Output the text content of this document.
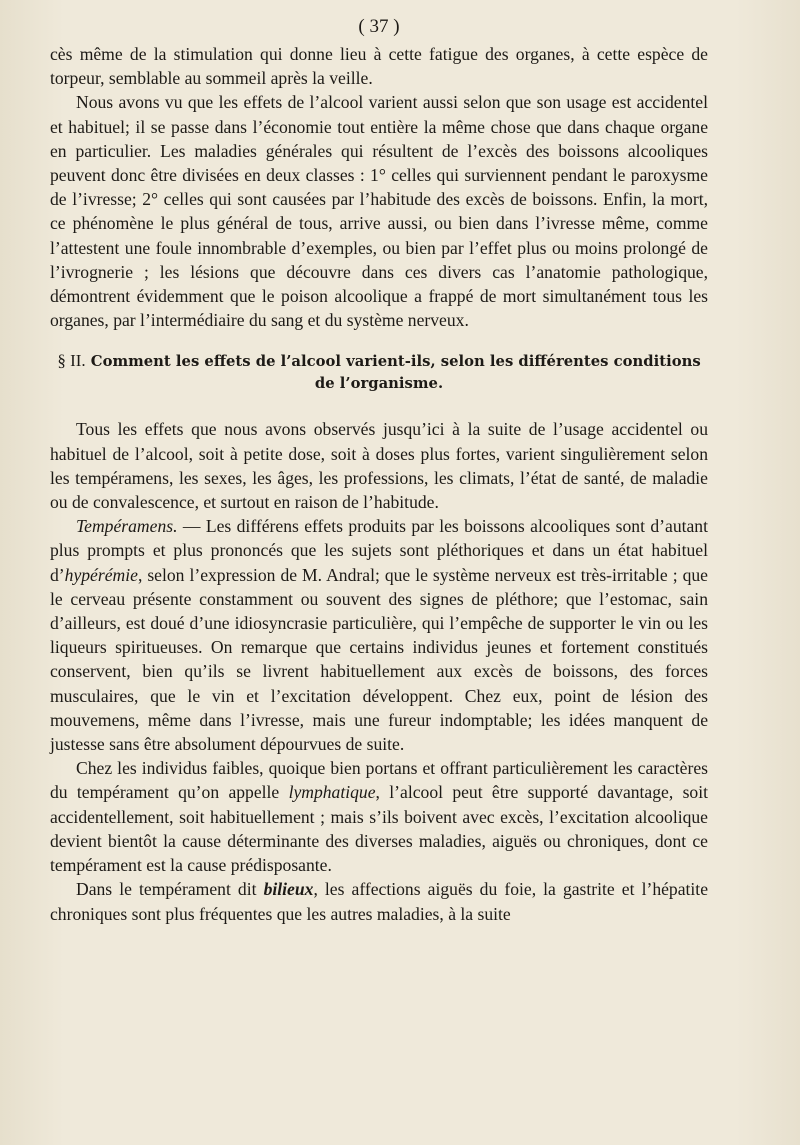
( 37 )

cès même de la stimulation qui donne lieu à cette fatigue des organes, à cette espèce de torpeur, semblable au sommeil après la veille.

Nous avons vu que les effets de l’alcool varient aussi selon que son usage est accidentel et habituel; il se passe dans l’économie tout entière la même chose que dans chaque organe en particulier. Les maladies générales qui résultent de l’excès des boissons alcooliques peuvent donc être divisées en deux classes : 1° celles qui surviennent pendant le paroxysme de l’ivresse; 2° celles qui sont causées par l’habitude des excès de boissons. Enfin, la mort, ce phénomène le plus général de tous, arrive aussi, ou bien dans l’ivresse même, comme l’attestent une foule innombrable d’exemples, ou bien par l’effet plus ou moins prolongé de l’ivrognerie ; les lésions que découvre dans ces divers cas l’anatomie pathologique, démontrent évidemment que le poison alcoolique a frappé de mort simultanément tous les organes, par l’intermédiaire du sang et du système nerveux.

§ II. Comment les effets de l’alcool varient-ils, selon les différentes conditions de l’organisme.

Tous les effets que nous avons observés jusqu’ici à la suite de l’usage accidentel ou habituel de l’alcool, soit à petite dose, soit à doses plus fortes, varient singulièrement selon les tempéramens, les sexes, les âges, les professions, les climats, l’état de santé, de maladie ou de convalescence, et surtout en raison de l’habitude.

Tempéramens. — Les différens effets produits par les boissons alcooliques sont d’autant plus prompts et plus prononcés que les sujets sont pléthoriques et dans un état habituel d’hypérémie, selon l’expression de M. Andral; que le système nerveux est très-irritable ; que le cerveau présente constamment ou souvent des signes de pléthore; que l’estomac, sain d’ailleurs, est doué d’une idiosyncrasie particulière, qui l’empêche de supporter le vin ou les liqueurs spiritueuses. On remarque que certains individus jeunes et fortement constitués conservent, bien qu’ils se livrent habituellement aux excès de boissons, des forces musculaires, que le vin et l’excitation développent. Chez eux, point de lésion des mouvemens, même dans l’ivresse, mais une fureur indomptable; les idées manquent de justesse sans être absolument dépourvues de suite.

Chez les individus faibles, quoique bien portans et offrant particulièrement les caractères du tempérament qu’on appelle lymphatique, l’alcool peut être supporté davantage, soit accidentellement, soit habituellement ; mais s’ils boivent avec excès, l’excitation alcoolique devient bientôt la cause déterminante des diverses maladies, aiguës ou chroniques, dont ce tempérament est la cause prédisposante.

Dans le tempérament dit bilieux, les affections aiguës du foie, la gastrite et l’hépatite chroniques sont plus fréquentes que les autres maladies, à la suite
